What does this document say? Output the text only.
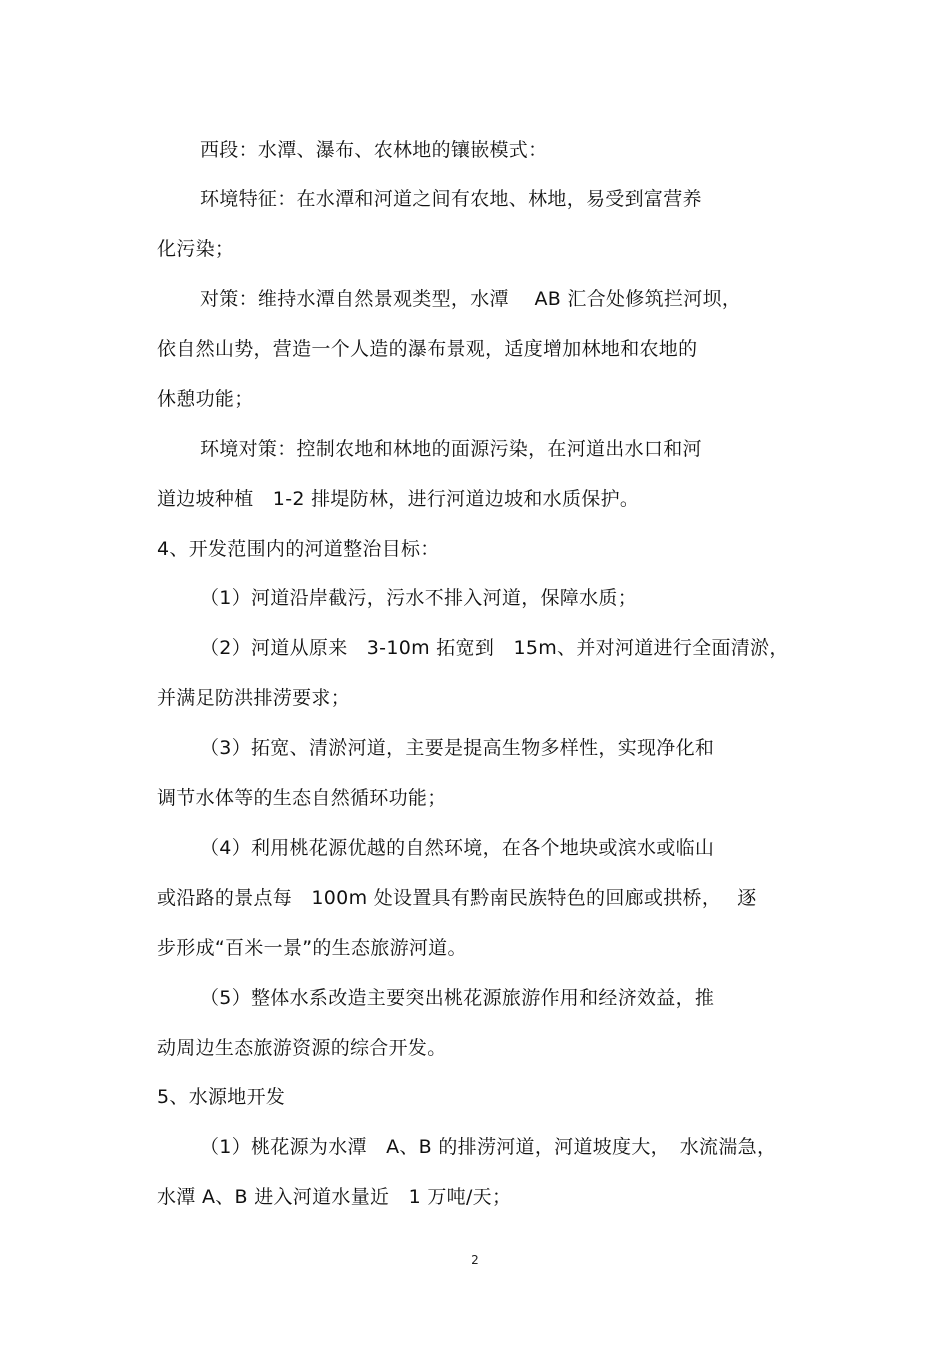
西段：水潭、瀑布、农林地的镶嵌模式：
环境特征：在水潭和河道之间有农地、林地，易受到富营养
化污染；
对策：维持水潭自然景观类型，水潭　 AB 汇合处修筑拦河坝，
依自然山势，营造一个人造的瀑布景观，适度增加林地和农地的
休憩功能；
环境对策：控制农地和林地的面源污染，在河道出水口和河
道边坡种植　1-2 排堤防林，进行河道边坡和水质保护。
4、开发范围内的河道整治目标：
（1）河道沿岸截污，污水不排入河道，保障水质；
（2）河道从原来　3-10m 拓宽到　15m、并对河道进行全面清淤，
并满足防洪排涝要求；
（3）拓宽、清淤河道，主要是提高生物多样性，实现净化和
调节水体等的生态自然循环功能；
（4）利用桃花源优越的自然环境，在各个地块或滨水或临山
或沿路的景点每　100m 处设置具有黔南民族特色的回廊或拱桥，　 逐
步形成“百米一景”的生态旅游河道。
（5）整体水系改造主要突出桃花源旅游作用和经济效益，推
动周边生态旅游资源的综合开发。
5、水源地开发
（1）桃花源为水潭　A、B 的排涝河道，河道坡度大，　水流湍急，
水潭 A、B 进入河道水量近　1 万吨/天；
2
